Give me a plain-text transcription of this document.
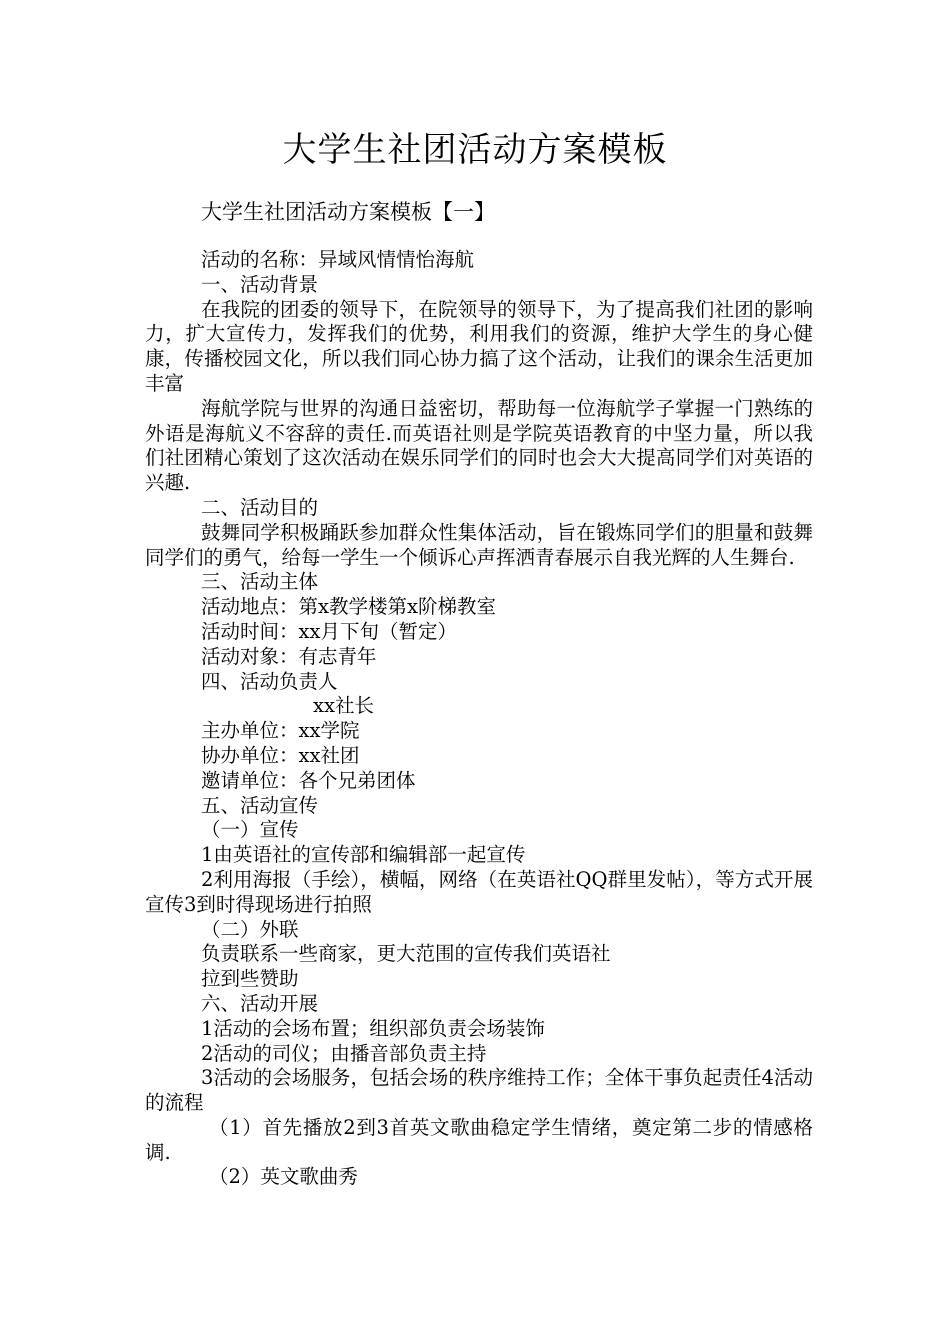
大学生社团活动方案模板
大学生社团活动方案模板【一】

活动的名称：异域风情情怡海航

一、活动背景

在我院的团委的领导下，在院领导的领导下，为了提高我们社团的影响力，扩大宣传力，发挥我们的优势，利用我们的资源，维护大学生的身心健康，传播校园文化，所以我们同心协力搞了这个活动，让我们的课余生活更加丰富

海航学院与世界的沟通日益密切，帮助每一位海航学子掌握一门熟练的外语是海航义不容辞的责任.而英语社则是学院英语教育的中坚力量，所以我们社团精心策划了这次活动在娱乐同学们的同时也会大大提高同学们对英语的兴趣.

二、活动目的

鼓舞同学积极踊跃参加群众性集体活动，旨在锻炼同学们的胆量和鼓舞同学们的勇气，给每一学生一个倾诉心声挥洒青春展示自我光辉的人生舞台.

三、活动主体

活动地点：第x教学楼第x阶梯教室

活动时间：xx月下旬（暂定）

活动对象：有志青年

四、活动负责人

xx社长

主办单位：xx学院

协办单位：xx社团

邀请单位：各个兄弟团体

五、活动宣传

（一）宣传

1由英语社的宣传部和编辑部一起宣传

2利用海报（手绘），横幅，网络（在英语社QQ群里发帖），等方式开展宣传3到时得现场进行拍照

（二）外联

负责联系一些商家，更大范围的宣传我们英语社

拉到些赞助

六、活动开展

1活动的会场布置；组织部负责会场装饰

2活动的司仪；由播音部负责主持

3活动的会场服务，包括会场的秩序维持工作；全体干事负起责任4活动的流程

（1）首先播放2到3首英文歌曲稳定学生情绪，奠定第二步的情感格调.

（2）英文歌曲秀
